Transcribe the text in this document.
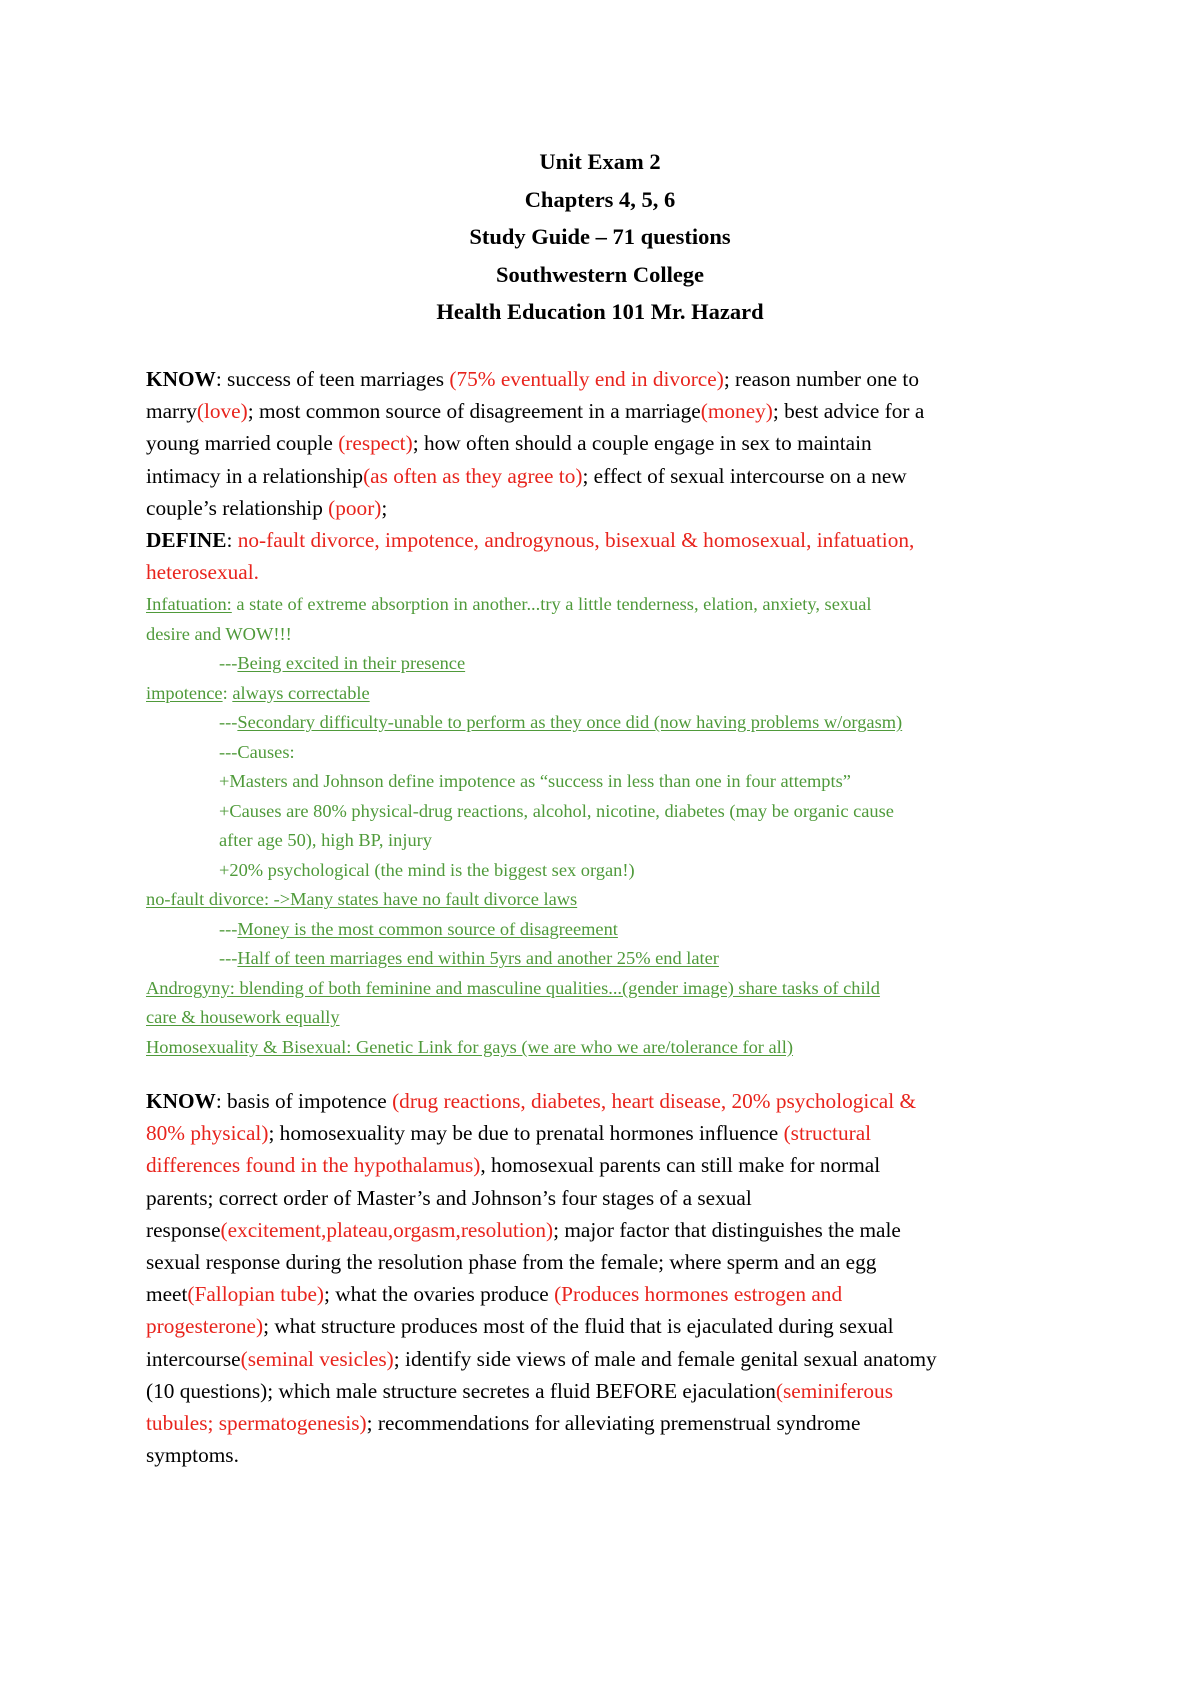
Unit Exam 2
Chapters 4, 5, 6
Study Guide – 71 questions
Southwestern College
Health Education 101 Mr. Hazard
KNOW: success of teen marriages (75% eventually end in divorce); reason number one to
marry(love); most common source of disagreement in a marriage(money); best advice for a
young married couple (respect); how often should a couple engage in sex to maintain
intimacy in a relationship(as often as they agree to); effect of sexual intercourse on a new
couple’s relationship (poor);
DEFINE: no-fault divorce, impotence, androgynous, bisexual & homosexual, infatuation,
heterosexual.
Infatuation: a state of extreme absorption in another...try a little tenderness, elation, anxiety, sexual
desire and WOW!!!
---Being excited in their presence
impotence: always correctable
---Secondary difficulty-unable to perform as they once did (now having problems w/orgasm)
---Causes:
+Masters and Johnson define impotence as “success in less than one in four attempts”
+Causes are 80% physical-drug reactions, alcohol, nicotine, diabetes (may be organic cause
after age 50), high BP, injury
+20% psychological (the mind is the biggest sex organ!)
no-fault divorce: ->Many states have no fault divorce laws
---Money is the most common source of disagreement
---Half of teen marriages end within 5yrs and another 25% end later
Androgyny: blending of both feminine and masculine qualities...(gender image) share tasks of child
care & housework equally
Homosexuality & Bisexual: Genetic Link for gays (we are who we are/tolerance for all)
KNOW: basis of impotence (drug reactions, diabetes, heart disease, 20% psychological &
80% physical); homosexuality may be due to prenatal hormones influence (structural
differences found in the hypothalamus), homosexual parents can still make for normal
parents; correct order of Master’s and Johnson’s four stages of a sexual
response(excitement,plateau,orgasm,resolution); major factor that distinguishes the male
sexual response during the resolution phase from the female; where sperm and an egg
meet(Fallopian tube); what the ovaries produce (Produces hormones estrogen and
progesterone); what structure produces most of the fluid that is ejaculated during sexual
intercourse(seminal vesicles); identify side views of male and female genital sexual anatomy
(10 questions); which male structure secretes a fluid BEFORE ejaculation(seminiferous
tubules; spermatogenesis); recommendations for alleviating premenstrual syndrome
symptoms.
